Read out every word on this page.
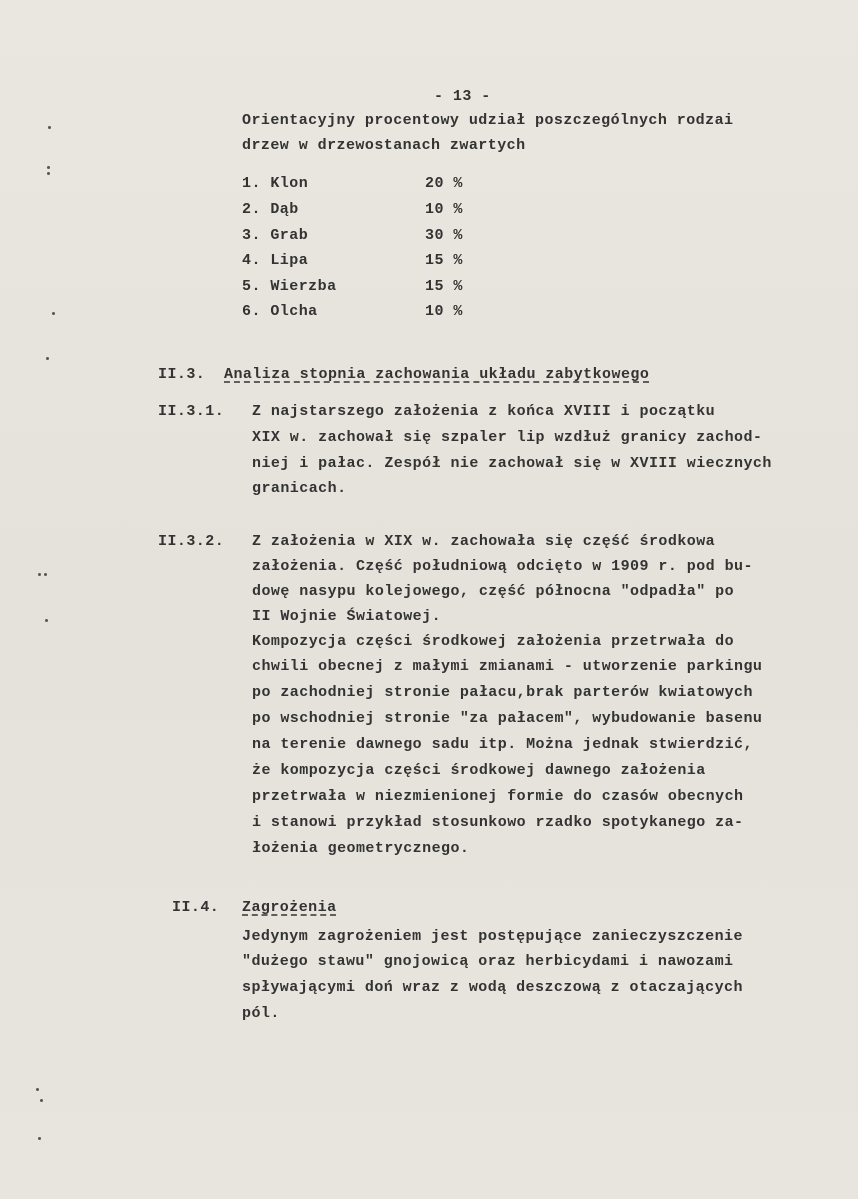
- 13 -
Orientacyjny procentowy udział poszczególnych rodzai
drzew w drzewostanach zwartych
1. Klon	20 %
2. Dąb	10 %
3. Grab	30 %
4. Lipa	15 %
5. Wierzba	15 %
6. Olcha	10 %
II.3. Analiza stopnia zachowania układu zabytkowego
II.3.1. Z najstarszego założenia z końca XVIII i początku
XIX w. zachował się szpaler lip wzdłuż granicy zachod-
niej i pałac. Zespół nie zachował się w XVIII wiecznych
granicach.
II.3.2. Z założenia w XIX w. zachowała się część środkowa
założenia. Część południową odcięto w 1909 r. pod bu-
dowę nasypu kolejowego, część północna "odpadła" po
II Wojnie Światowej.
Kompozycja części środkowej założenia przetrwała do
chwili obecnej z małymi zmianami - utworzenie parkingu
po zachodniej stronie pałacu,brak parterów kwiatowych
po wschodniej stronie "za pałacem", wybudowanie basenu
na terenie dawnego sadu itp. Można jednak stwierdzić,
że kompozycja części środkowej dawnego założenia
przetrwała w niezmienionej formie do czasów obecnych
i stanowi przykład stosunkowo rzadko spotykanego za-
łożenia geometrycznego.
II.4. Zagrożenia
Jedynym zagrożeniem jest postępujące zanieczyszczenie
"dużego stawu" gnojowicą oraz herbicydami i nawozami
spływającymi doń wraz z wodą deszczową z otaczających
pól.
